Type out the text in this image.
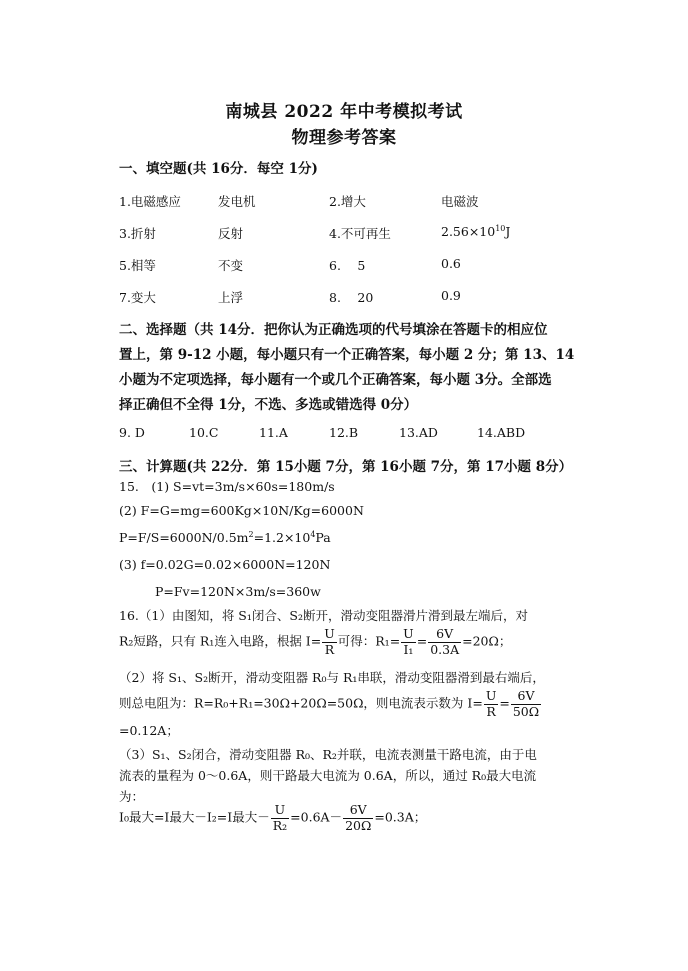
南城县 2022 年中考模拟考试
物理参考答案
一、填空题(共 16分．每空 1分)
1.电磁感应	发电机	2.增大	电磁波
3.折射	反射	4.不可再生	$2.56\times 10^{10}J$
5.相等	不变	6.　 5	0.6
7.变大	上浮	8.　 20	0.9
二、选择题（共 14分．把你认为正确选项的代号填涂在答题卡的相应位
置上，第 9-12 小题，每小题只有一个正确答案，每小题 2 分；第 13、14
小题为不定项选择，每小题有一个或几个正确答案，每小题 3分。全部选
择正确但不全得 1分，不选、多选或错选得 0分）
9. D	10.C	11.A	12.B	13.AD	14.ABD
三、计算题(共 22分．第 15小题 7分，第 16小题 7分，第 17小题 8分）
15.　(1) S=vt=3m/s×60s=180m/s
(2) F=G=mg=600Kg×10N/Kg=6000N
$P=F/S=6000N/0.5m^2=1.2\times 10^4Pa$
(3) f=0.02G=0.02×6000N=120N
P=Fv=120N×3m/s=360w
16.（1）由图知，将 S₁闭合、S₂断开，滑动变阻器滑片滑到最左端后，对
R₂短路，只有 R₁连入电路，根据 $I= \frac{U}{R}$ 可得：$R_1= \frac{U}{\text{I₁}} = \frac{6V}{0.3A} =20\Omega$；
（2）将 S₁、S₂断开，滑动变阻器 R₀与 R₁串联，滑动变阻器滑到最右端后，
则总电阻为：R=R₀+R₁=30Ω+20Ω=50Ω，则电流表示数为 $I= \frac{U}{R} = \frac{6V}{50\Omega}$
=0.12A；
（3）S₁、S₂闭合，滑动变阻器 R₀、R₂并联，电流表测量干路电流，由于电
流表的量程为 0～0.6A，则干路最大电流为 0.6A，所以，通过 R₀最大电流
为：
I₀最大=I最大－I₂=I最大－ $\frac{U}{\text{R₂}} =0.6A- \frac{6V}{20\Omega} =0.3A$；
